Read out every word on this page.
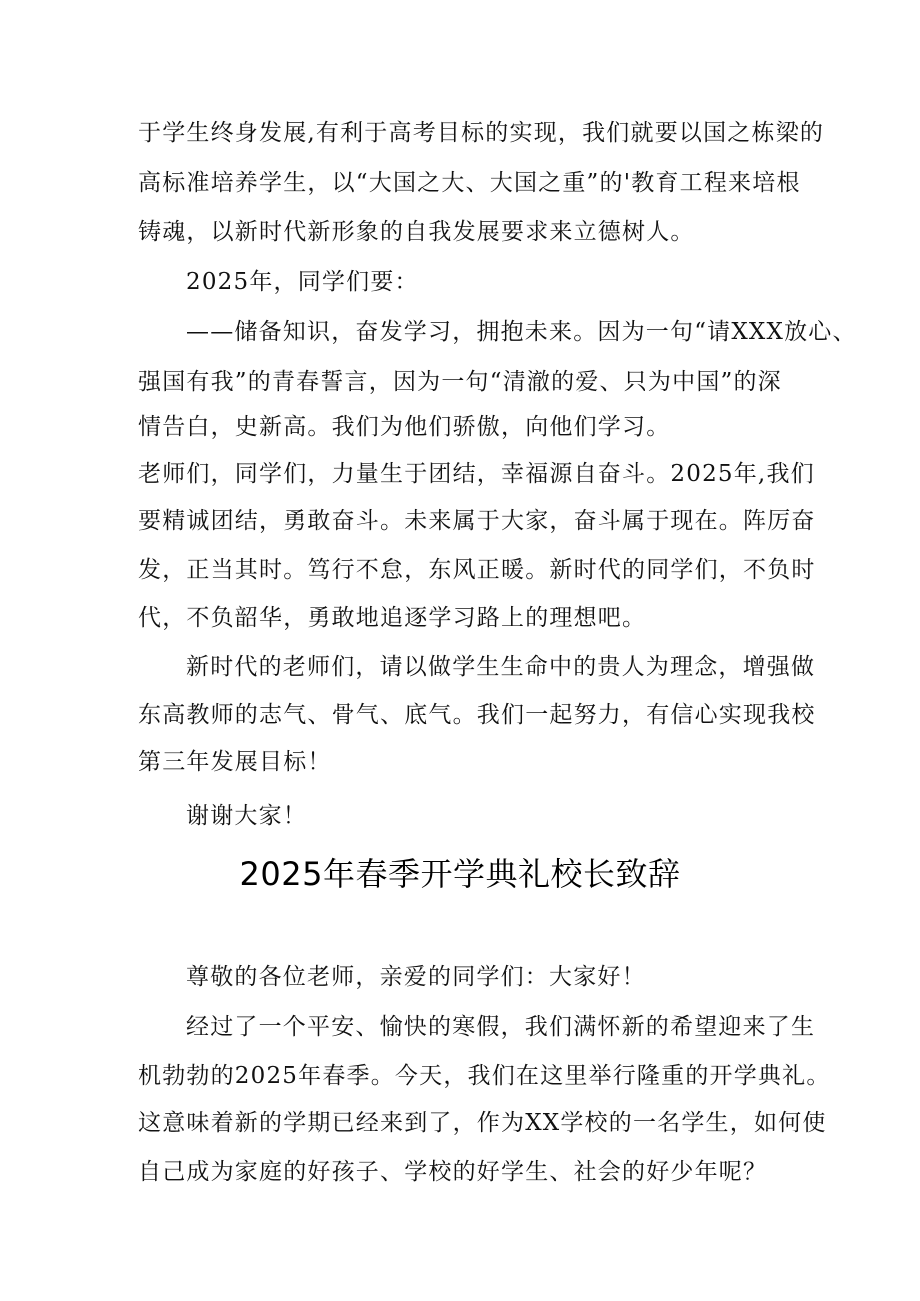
于学生终身发展,有利于高考目标的实现，我们就要以国之栋梁的
高标准培养学生，以“大国之大、大国之重”的'教育工程来培根
铸魂，以新时代新形象的自我发展要求来立德树人。
2025年，同学们要：
——储备知识，奋发学习，拥抱未来。因为一句“请XXX放心、
强国有我”的青春誓言，因为一句“清澈的爱、只为中国”的深
情告白，史新高。我们为他们骄傲，向他们学习。
老师们，同学们，力量生于团结，幸福源自奋斗。2025年,我们
要精诚团结，勇敢奋斗。未来属于大家，奋斗属于现在。阵厉奋
发，正当其时。笃行不怠，东风正暖。新时代的同学们，不负时
代，不负韶华，勇敢地追逐学习路上的理想吧。
新时代的老师们，请以做学生生命中的贵人为理念，增强做
东高教师的志气、骨气、底气。我们一起努力，有信心实现我校
第三年发展目标！
谢谢大家！
2025年春季开学典礼校长致辞
尊敬的各位老师，亲爱的同学们：大家好！
经过了一个平安、愉快的寒假，我们满怀新的希望迎来了生
机勃勃的2025年春季。今天，我们在这里举行隆重的开学典礼。
这意味着新的学期已经来到了，作为XX学校的一名学生，如何使
自己成为家庭的好孩子、学校的好学生、社会的好少年呢？
